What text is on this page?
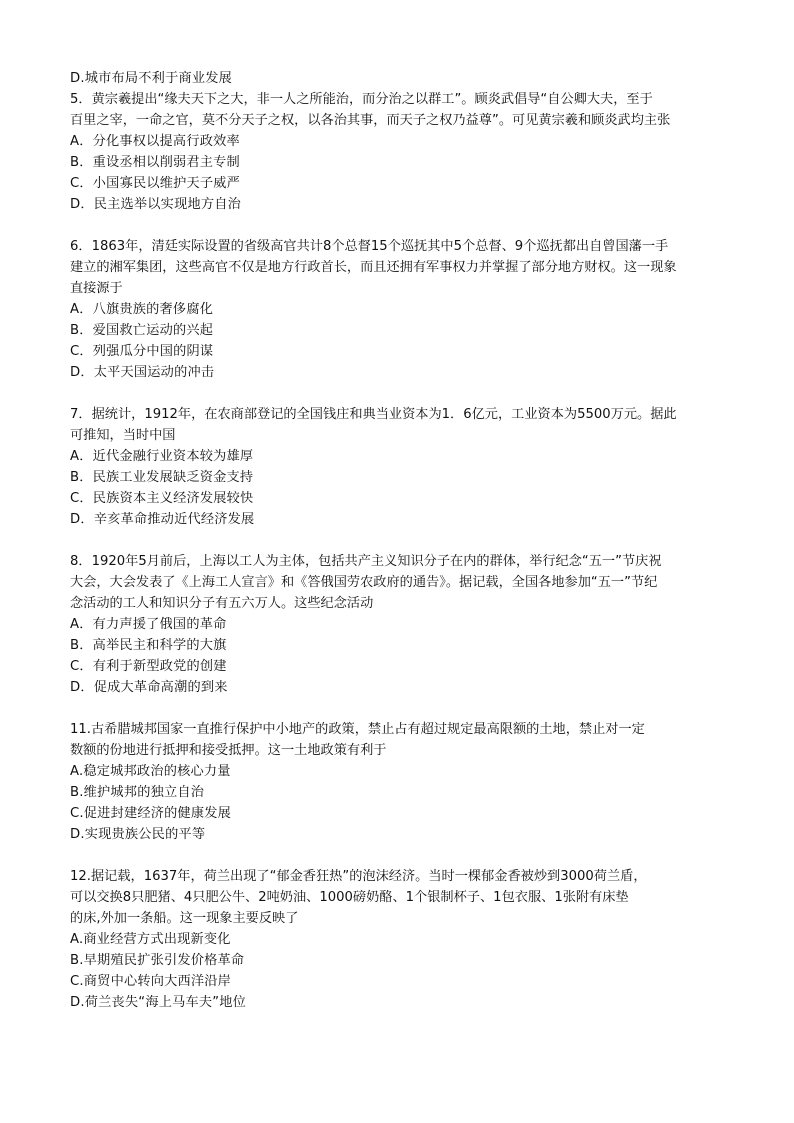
D.城市布局不利于商业发展
5．黄宗羲提出“缘夫天下之大，非一人之所能治，而分治之以群工”。顾炎武倡导“自公卿大夫，至于
百里之宰，一命之官，莫不分天子之权，以各治其事，而天子之权乃益尊”。可见黄宗羲和顾炎武均主张
A．分化事权以提高行政效率
B．重设丞相以削弱君主专制
C．小国寡民以维护天子威严
D．民主选举以实现地方自治
6．1863年，清廷实际设置的省级高官共计8个总督15个巡抚其中5个总督、9个巡抚都出自曾国藩一手
建立的湘军集团，这些高官不仅是地方行政首长，而且还拥有军事权力并掌握了部分地方财权。这一现象
直接源于
A．八旗贵族的奢侈腐化
B．爱国救亡运动的兴起
C．列强瓜分中国的阴谋
D．太平天国运动的冲击
7．据统计，1912年，在农商部登记的全国钱庄和典当业资本为1．6亿元，工业资本为5500万元。据此
可推知，当时中国
A．近代金融行业资本较为雄厚
B．民族工业发展缺乏资金支持
C．民族资本主义经济发展较快
D．辛亥革命推动近代经济发展
8．1920年5月前后，上海以工人为主体，包括共产主义知识分子在内的群体，举行纪念“五一”节庆祝
大会，大会发表了《上海工人宣言》和《答俄国劳农政府的通告》。据记载，全国各地参加“五一”节纪
念活动的工人和知识分子有五六万人。这些纪念活动
A．有力声援了俄国的革命
B．高举民主和科学的大旗
C．有利于新型政党的创建
D．促成大革命高潮的到来
11.古希腊城邦国家一直推行保护中小地产的政策，禁止占有超过规定最高限额的土地，禁止对一定
数额的份地进行抵押和接受抵押。这一土地政策有利于
A.稳定城邦政治的核心力量
B.维护城邦的独立自治
C.促进封建经济的健康发展
D.实现贵族公民的平等
12.据记载，1637年，荷兰出现了“郁金香狂热”的泡沫经济。当时一棵郁金香被炒到3000荷兰盾，
可以交换8只肥猪、4只肥公牛、2吨奶油、1000磅奶酪、1个银制杯子、1包衣服、1张附有床垫
的床,外加一条船。这一现象主要反映了
A.商业经营方式出现新变化
B.早期殖民扩张引发价格革命
C.商贸中心转向大西洋沿岸
D.荷兰丧失“海上马车夫”地位
